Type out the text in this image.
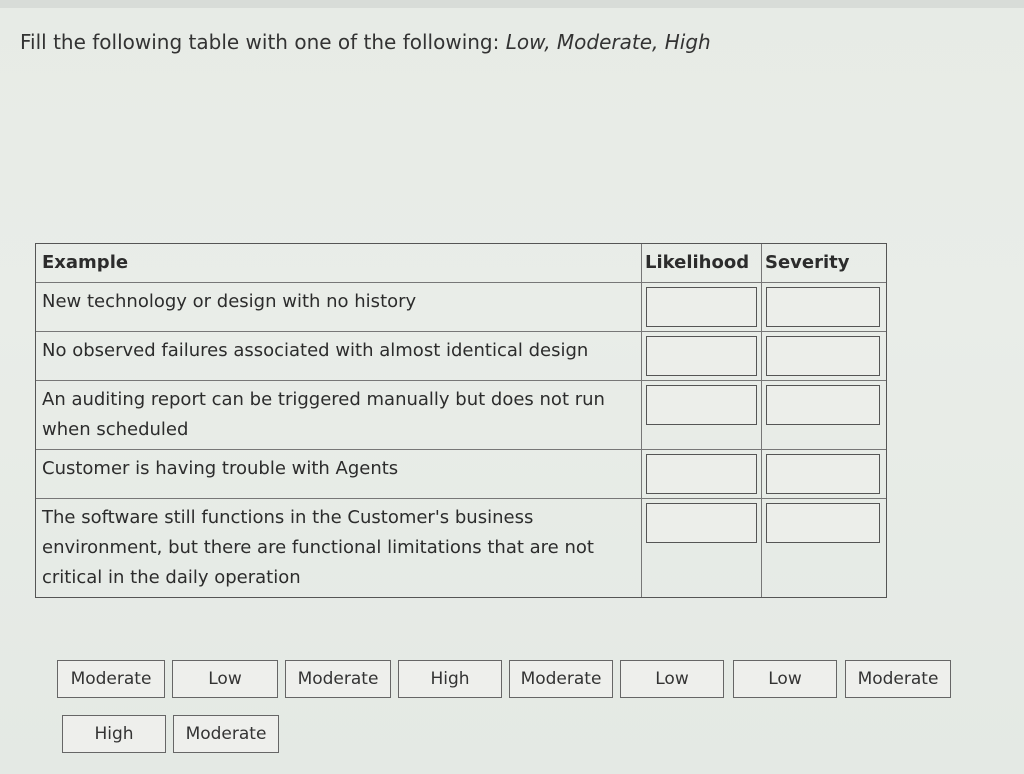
Fill the following table with one of the following: Low, Moderate, High
Example	Likelihood Severity
New technology or design with no history
No observed failures associated with almost identical design
An auditing report can be triggered manually but does not run when scheduled
Customer is having trouble with Agents
The software still functions in the Customer's business environment, but there are functional limitations that are not critical in the daily operation
Moderate	Low	Moderate	High	Moderate	Low	Low	Moderate
High	Moderate
